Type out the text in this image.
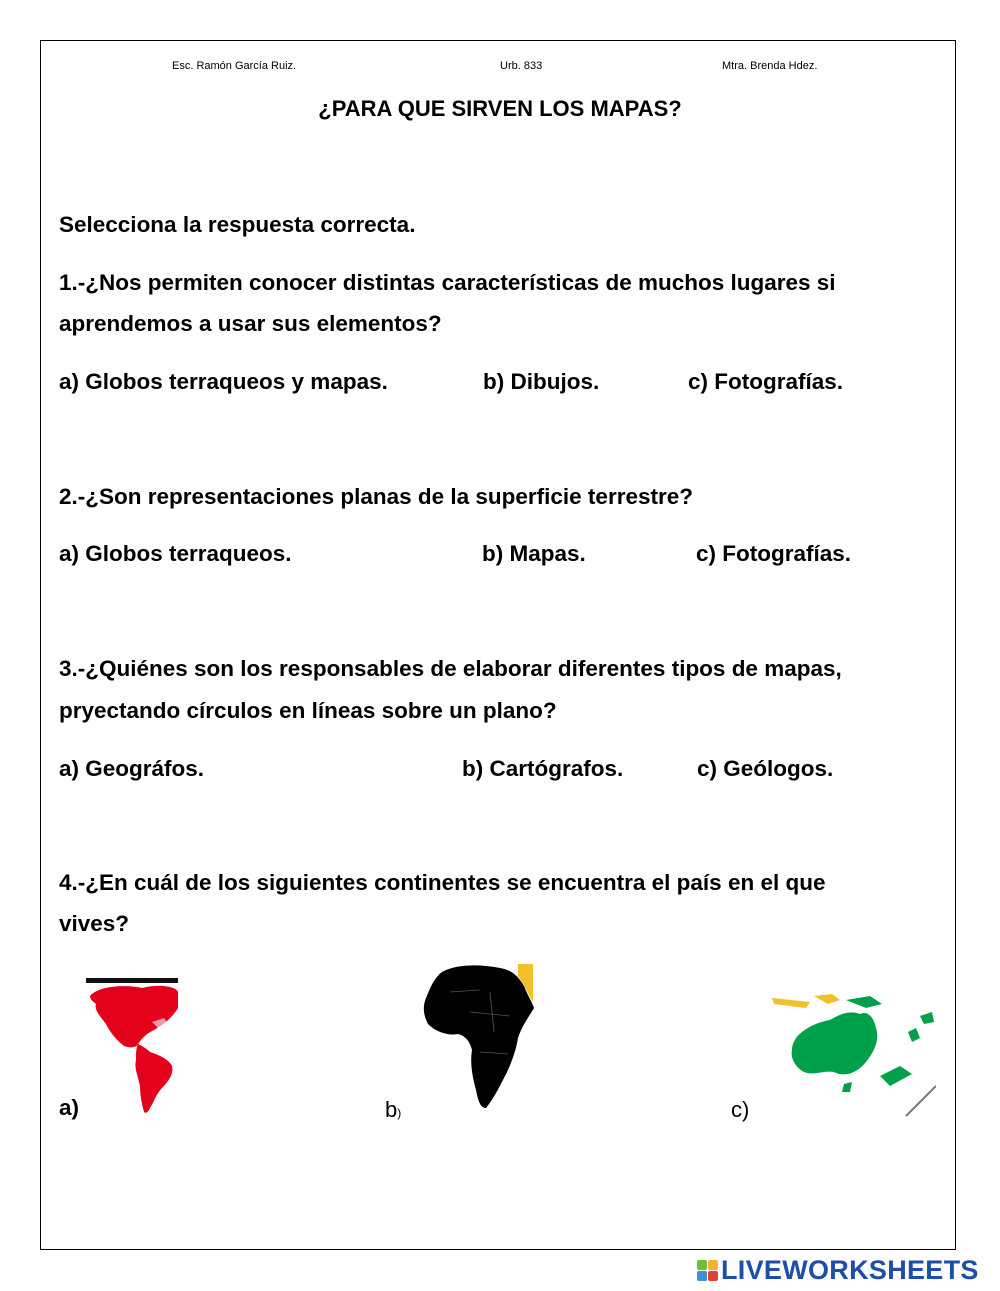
Esc. Ramón García Ruiz.	Urb. 833	Mtra. Brenda Hdez.
¿PARA QUE SIRVEN LOS MAPAS?
Selecciona la respuesta correcta.
1.-¿Nos permiten conocer distintas características de muchos lugares si
aprendemos a usar sus elementos?
a) Globos terraqueos y mapas.	b) Dibujos.	c) Fotografías.
2.-¿Son representaciones planas de la superficie terrestre?
a) Globos terraqueos.	b) Mapas.	c) Fotografías.
3.-¿Quiénes son los responsables de elaborar diferentes tipos de mapas,
pryectando círculos en líneas sobre un plano?
a) Geográfos.	b) Cartógrafos.	c) Geólogos.
4.-¿En cuál de los siguientes continentes se encuentra el país en el que
vives?
a)	b)	c)
LIVEWORKSHEETS
